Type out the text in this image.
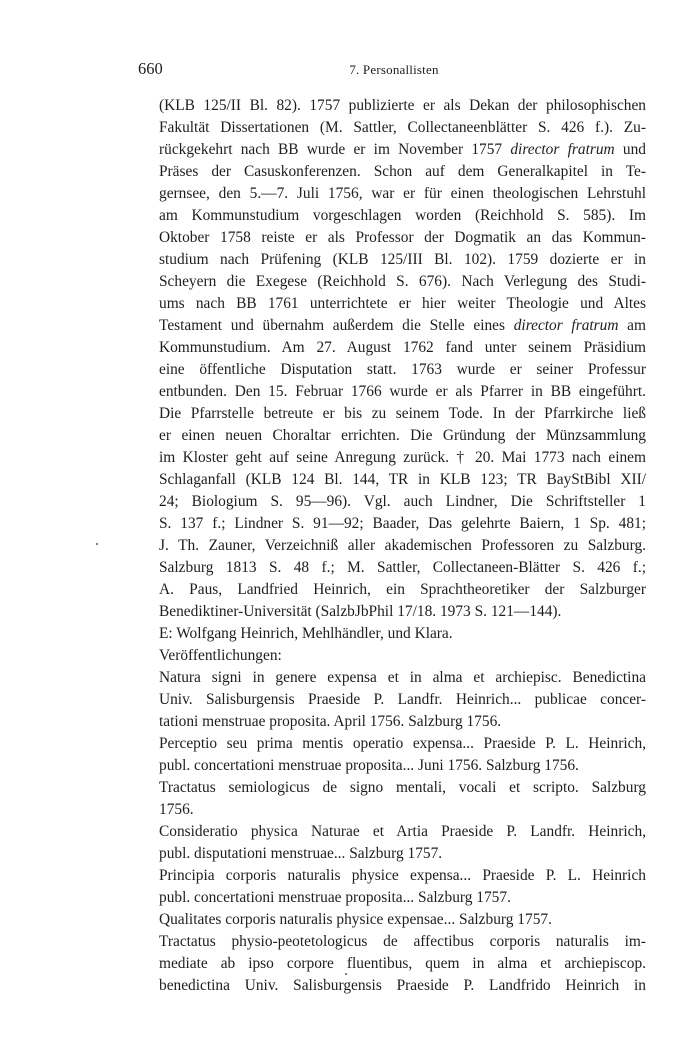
660	7. Personallisten
(KLB 125/II Bl. 82). 1757 publizierte er als Dekan der philosophischen
Fakultät Dissertationen (M. Sattler, Collectaneenblätter S. 426 f.). Zu-
rückgekehrt nach BB wurde er im November 1757 director fratrum und
Präses der Casuskonferenzen. Schon auf dem Generalkapitel in Te-
gernsee, den 5.—7. Juli 1756, war er für einen theologischen Lehrstuhl
am Kommunstudium vorgeschlagen worden (Reichhold S. 585). Im
Oktober 1758 reiste er als Professor der Dogmatik an das Kommun-
studium nach Prüfening (KLB 125/III Bl. 102). 1759 dozierte er in
Scheyern die Exegese (Reichhold S. 676). Nach Verlegung des Studi-
ums nach BB 1761 unterrichtete er hier weiter Theologie und Altes
Testament und übernahm außerdem die Stelle eines director fratrum am
Kommunstudium. Am 27. August 1762 fand unter seinem Präsidium
eine öffentliche Disputation statt. 1763 wurde er seiner Professur
entbunden. Den 15. Februar 1766 wurde er als Pfarrer in BB eingeführt.
Die Pfarrstelle betreute er bis zu seinem Tode. In der Pfarrkirche ließ
er einen neuen Choraltar errichten. Die Gründung der Münzsammlung
im Kloster geht auf seine Anregung zurück. † 20. Mai 1773 nach einem
Schlaganfall (KLB 124 Bl. 144, TR in KLB 123; TR BayStBibl XII/
24; Biologium S. 95—96). Vgl. auch Lindner, Die Schriftsteller 1
S. 137 f.; Lindner S. 91—92; Baader, Das gelehrte Baiern, 1 Sp. 481;
J. Th. Zauner, Verzeichniß aller akademischen Professoren zu Salzburg.
Salzburg 1813 S. 48 f.; M. Sattler, Collectaneen-Blätter S. 426 f.;
A. Paus, Landfried Heinrich, ein Sprachtheoretiker der Salzburger
Benediktiner-Universität (SalzbJbPhil 17/18. 1973 S. 121—144).
E: Wolfgang Heinrich, Mehlhändler, und Klara.
Veröffentlichungen:
Natura signi in genere expensa et in alma et archiepisc. Benedictina
Univ. Salisburgensis Praeside P. Landfr. Heinrich... publicae concer-
tationi menstruae proposita. April 1756. Salzburg 1756.
Perceptio seu prima mentis operatio expensa... Praeside P. L. Heinrich,
publ. concertationi menstruae proposita... Juni 1756. Salzburg 1756.
Tractatus semiologicus de signo mentali, vocali et scripto. Salzburg
1756.
Consideratio physica Naturae et Artia Praeside P. Landfr. Heinrich,
publ. disputationi menstruae... Salzburg 1757.
Principia corporis naturalis physice expensa... Praeside P. L. Heinrich
publ. concertationi menstruae proposita... Salzburg 1757.
Qualitates corporis naturalis physice expensae... Salzburg 1757.
Tractatus physio-peotetologicus de affectibus corporis naturalis im-
mediate ab ipso corpore fluentibus, quem in alma et archiepiscop.
benedictina Univ. Salisburgensis Praeside P. Landfrido Heinrich in
